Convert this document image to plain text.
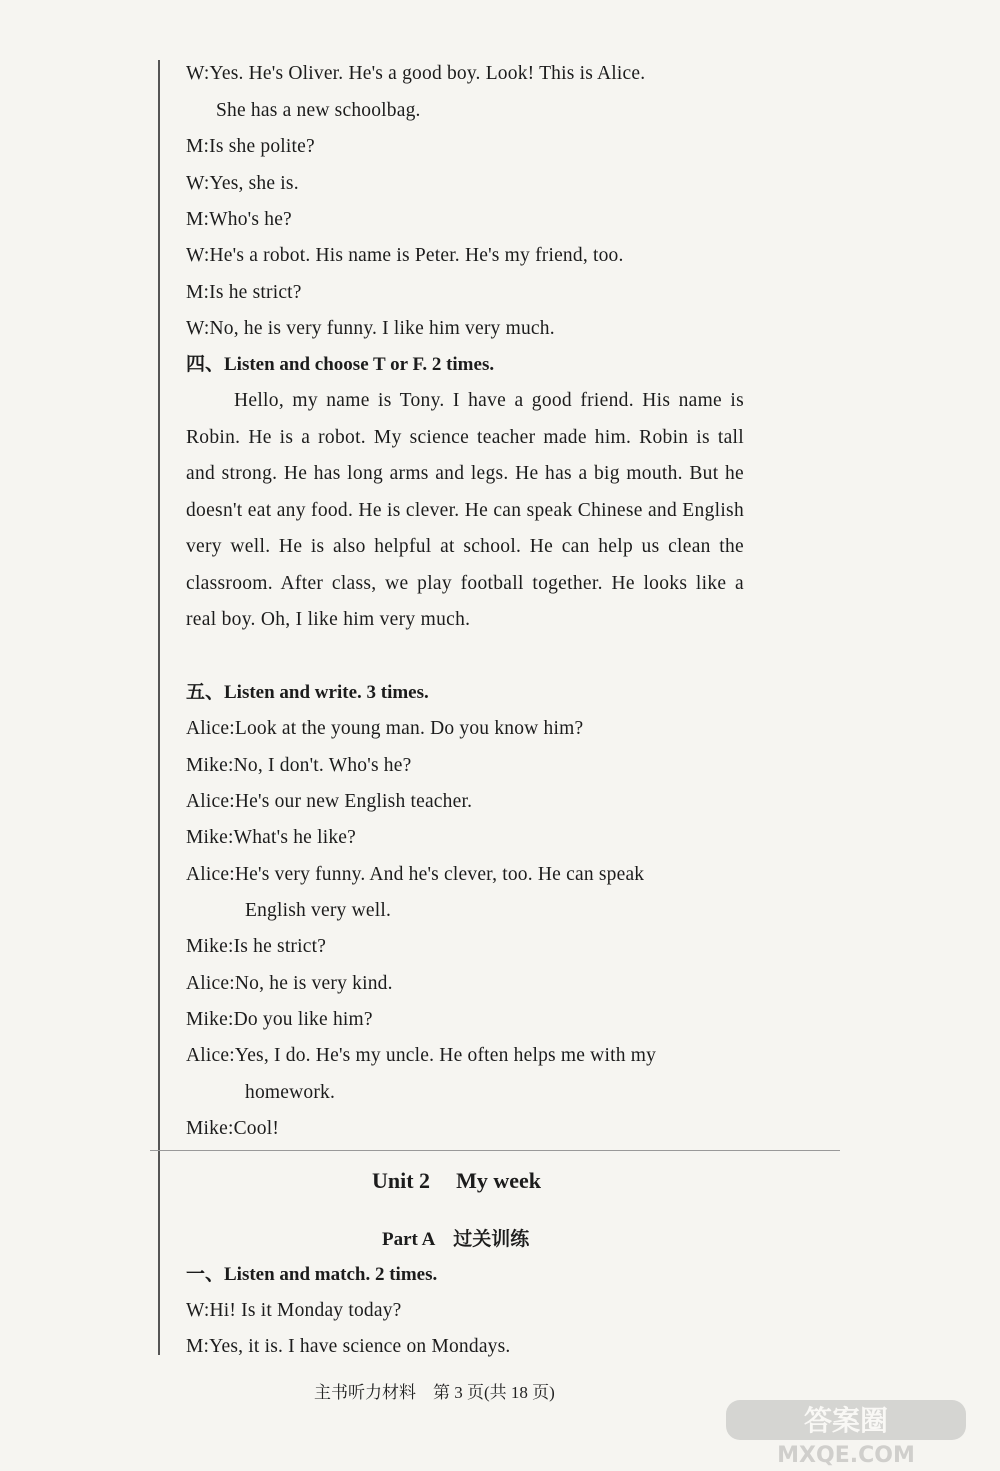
W:Yes. He's Oliver. He's a good boy. Look! This is Alice.
She has a new schoolbag.
M:Is she polite?
W:Yes, she is.
M:Who's he?
W:He's a robot. His name is Peter. He's my friend, too.
M:Is he strict?
W:No, he is very funny. I like him very much.
四、Listen and choose T or F. 2 times.
Hello, my name is Tony. I have a good friend. His name is Robin. He is a robot. My science teacher made him. Robin is tall and strong. He has long arms and legs. He has a big mouth. But he doesn't eat any food. He is clever. He can speak Chinese and English very well. He is also helpful at school. He can help us clean the classroom. After class, we play football together. He looks like a real boy. Oh, I like him very much.
五、Listen and write. 3 times.
Alice:Look at the young man. Do you know him?
Mike:No, I don't. Who's he?
Alice:He's our new English teacher.
Mike:What's he like?
Alice:He's very funny. And he's clever, too. He can speak
English very well.
Mike:Is he strict?
Alice:No, he is very kind.
Mike:Do you like him?
Alice:Yes, I do. He's my uncle. He often helps me with my
homework.
Mike:Cool!
Unit 2 My week
Part A 过关训练
一、Listen and match. 2 times.
W:Hi! Is it Monday today?
M:Yes, it is. I have science on Mondays.
主书听力材料　第 3 页(共 18 页)
答案圈
MXQE.COM
